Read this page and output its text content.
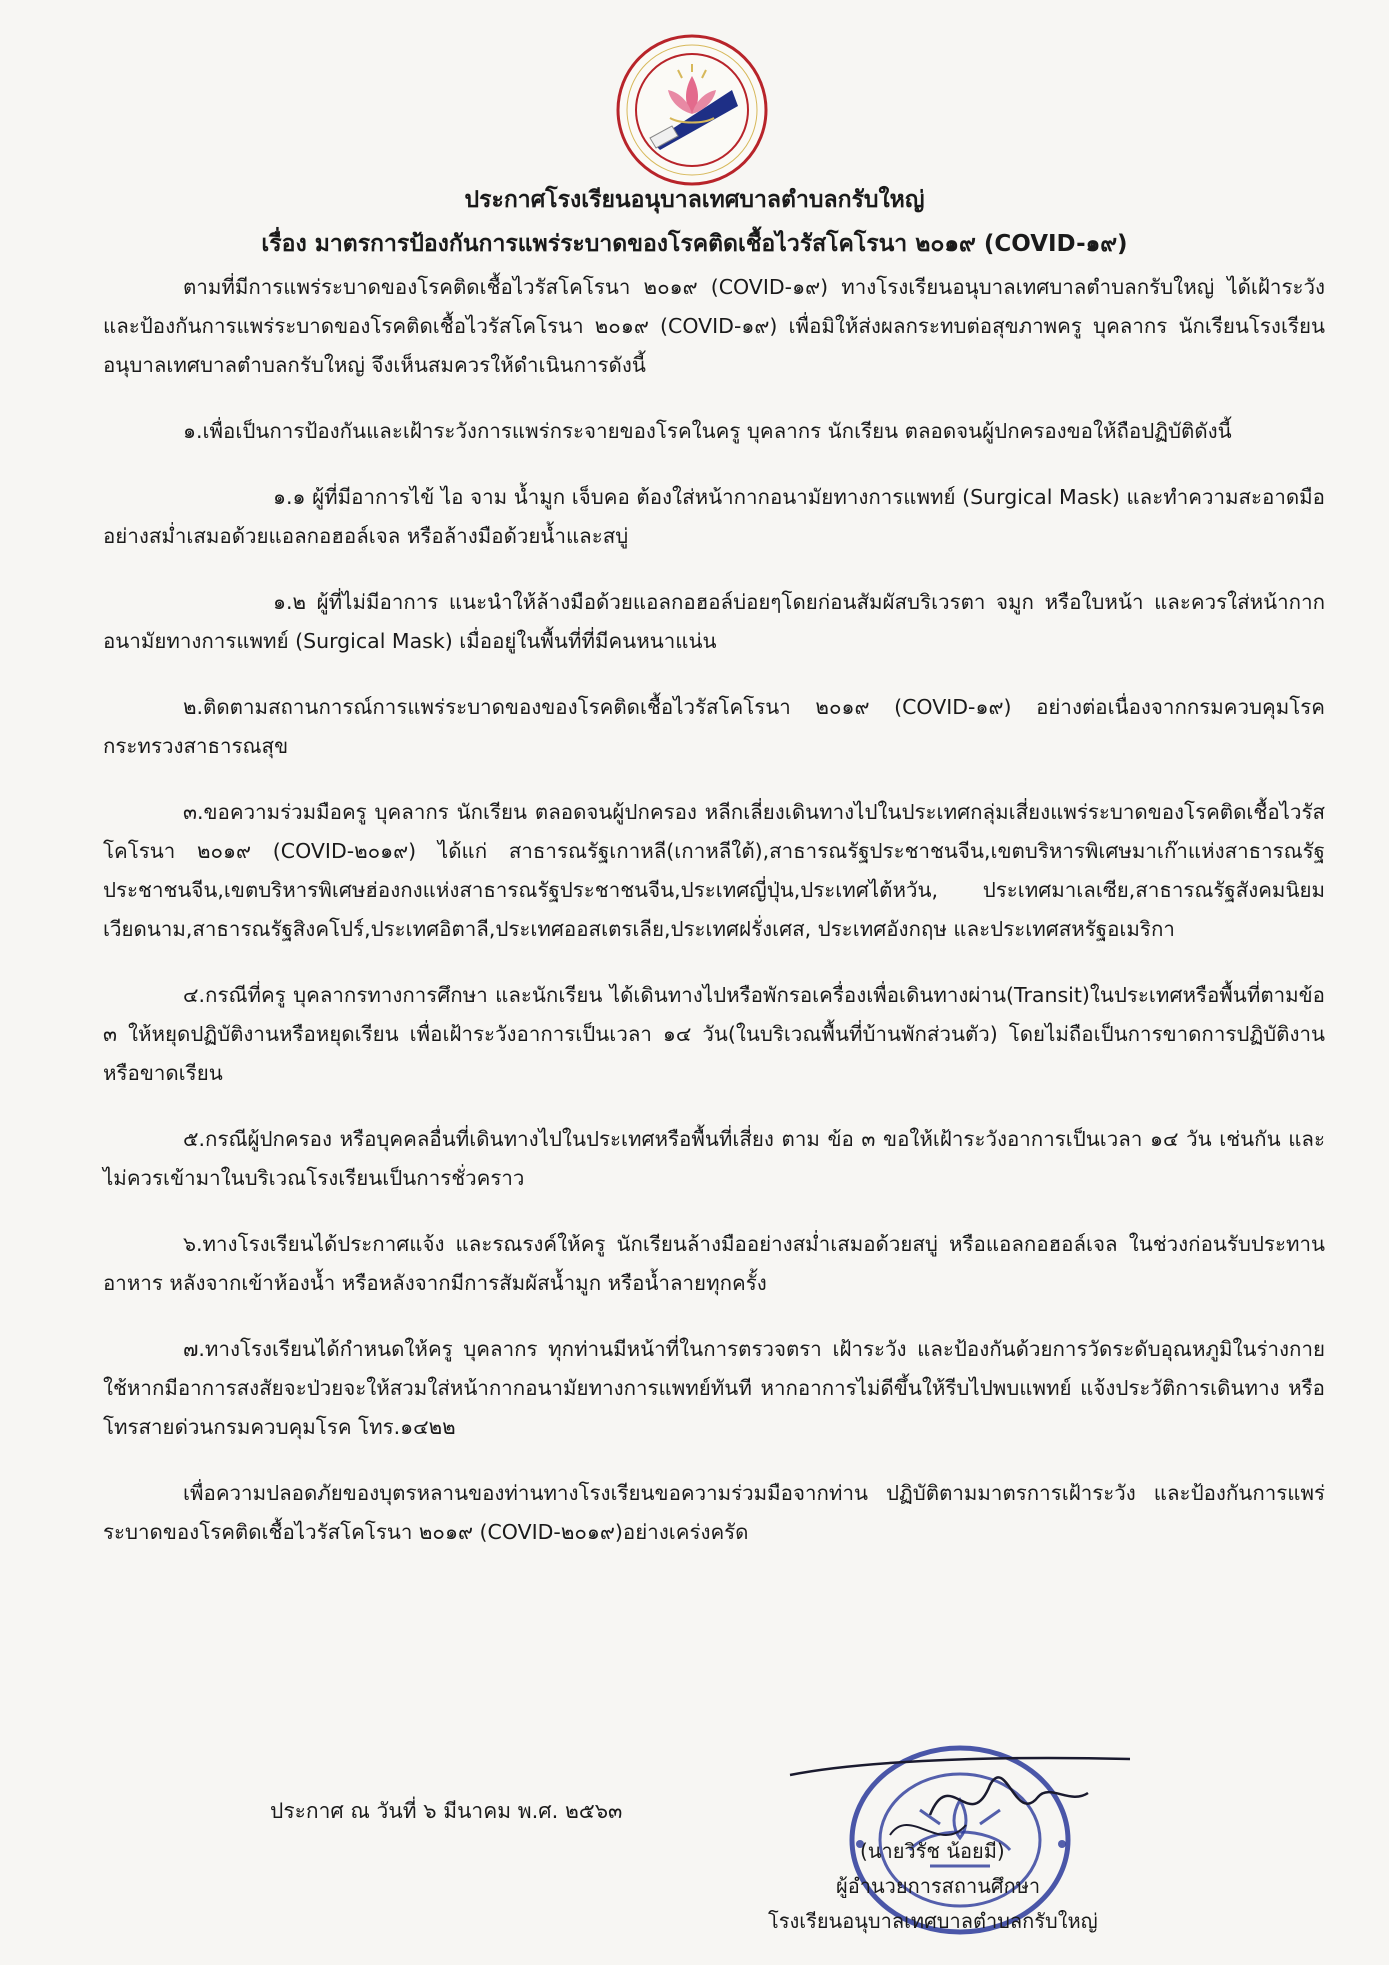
ประกาศโรงเรียนอนุบาลเทศบาลตำบลกรับใหญ่
เรื่อง มาตรการป้องกันการแพร่ระบาดของโรคติดเชื้อไวรัสโคโรนา ๒๐๑๙ (COVID-๑๙)

ตามที่มีการแพร่ระบาดของโรคติดเชื้อไวรัสโคโรนา ๒๐๑๙ (COVID-๑๙) ทางโรงเรียนอนุบาลเทศบาลตำบลกรับใหญ่ ได้เฝ้าระวัง และป้องกันการแพร่ระบาดของโรคติดเชื้อไวรัสโคโรนา ๒๐๑๙ (COVID-๑๙) เพื่อมิให้ส่งผลกระทบต่อสุขภาพครู บุคลากร นักเรียนโรงเรียนอนุบาลเทศบาลตำบลกรับใหญ่ จึงเห็นสมควรให้ดำเนินการดังนี้

๑.เพื่อเป็นการป้องกันและเฝ้าระวังการแพร่กระจายของโรคในครู บุคลากร นักเรียน ตลอดจนผู้ปกครองขอให้ถือปฏิบัติดังนี้

๑.๑ ผู้ที่มีอาการไข้ ไอ จาม น้ำมูก เจ็บคอ ต้องใส่หน้ากากอนามัยทางการแพทย์ (Surgical Mask) และทำความสะอาดมืออย่างสม่ำเสมอด้วยแอลกอฮอล์เจล หรือล้างมือด้วยน้ำและสบู่

๑.๒ ผู้ที่ไม่มีอาการ แนะนำให้ล้างมือด้วยแอลกอฮอล์บ่อยๆโดยก่อนสัมผัสบริเวรตา จมูก หรือใบหน้า และควรใส่หน้ากากอนามัยทางการแพทย์ (Surgical Mask) เมื่ออยู่ในพื้นที่ที่มีคนหนาแน่น

๒.ติดตามสถานการณ์การแพร่ระบาดของของโรคติดเชื้อไวรัสโคโรนา ๒๐๑๙ (COVID-๑๙) อย่างต่อเนื่องจากกรมควบคุมโรค กระทรวงสาธารณสุข

๓.ขอความร่วมมือครู บุคลากร นักเรียน ตลอดจนผู้ปกครอง หลีกเลี่ยงเดินทางไปในประเทศกลุ่มเสี่ยงแพร่ระบาดของโรคติดเชื้อไวรัสโคโรนา ๒๐๑๙ (COVID-๒๐๑๙) ได้แก่ สาธารณรัฐเกาหลี(เกาหลีใต้),สาธารณรัฐประชาชนจีน,เขตบริหารพิเศษมาเก๊าแห่งสาธารณรัฐประชาชนจีน,เขตบริหารพิเศษฮ่องกงแห่งสาธารณรัฐประชาชนจีน,ประเทศญี่ปุ่น,ประเทศไต้หวัน, ประเทศมาเลเซีย,สาธารณรัฐสังคมนิยมเวียดนาม,สาธารณรัฐสิงคโปร์,ประเทศอิตาลี,ประเทศออสเตรเลีย,ประเทศฝรั่งเศส, ประเทศอังกฤษ และประเทศสหรัฐอเมริกา

๔.กรณีที่ครู บุคลากรทางการศึกษา และนักเรียน ได้เดินทางไปหรือพักรอเครื่องเพื่อเดินทางผ่าน(Transit)ในประเทศหรือพื้นที่ตามข้อ ๓ ให้หยุดปฏิบัติงานหรือหยุดเรียน เพื่อเฝ้าระวังอาการเป็นเวลา ๑๔ วัน(ในบริเวณพื้นที่บ้านพักส่วนตัว) โดยไม่ถือเป็นการขาดการปฏิบัติงาน หรือขาดเรียน

๕.กรณีผู้ปกครอง หรือบุคคลอื่นที่เดินทางไปในประเทศหรือพื้นที่เสี่ยง ตาม ข้อ ๓ ขอให้เฝ้าระวังอาการเป็นเวลา ๑๔ วัน เช่นกัน และไม่ควรเข้ามาในบริเวณโรงเรียนเป็นการชั่วคราว

๖.ทางโรงเรียนได้ประกาศแจ้ง และรณรงค์ให้ครู นักเรียนล้างมืออย่างสม่ำเสมอด้วยสบู่ หรือแอลกอฮอล์เจล ในช่วงก่อนรับประทานอาหาร หลังจากเข้าห้องน้ำ หรือหลังจากมีการสัมผัสน้ำมูก หรือน้ำลายทุกครั้ง

๗.ทางโรงเรียนได้กำหนดให้ครู บุคลากร ทุกท่านมีหน้าที่ในการตรวจตรา เฝ้าระวัง และป้องกันด้วยการวัดระดับอุณหภูมิในร่างกายใช้หากมีอาการสงสัยจะป่วยจะให้สวมใส่หน้ากากอนามัยทางการแพทย์ทันที หากอาการไม่ดีขึ้นให้รีบไปพบแพทย์ แจ้งประวัติการเดินทาง หรือ โทรสายด่วนกรมควบคุมโรค โทร.๑๔๒๒

เพื่อความปลอดภัยของบุตรหลานของท่านทางโรงเรียนขอความร่วมมือจากท่าน ปฏิบัติตามมาตรการเฝ้าระวัง และป้องกันการแพร่ระบาดของโรคติดเชื้อไวรัสโคโรนา ๒๐๑๙ (COVID-๒๐๑๙)อย่างเคร่งครัด

ประกาศ ณ วันที่ ๖ มีนาคม พ.ศ. ๒๕๖๓
(นายวิรัช น้อยมี)
ผู้อำนวยการสถานศึกษา
โรงเรียนอนุบาลเทศบาลตำบลกรับใหญ่
